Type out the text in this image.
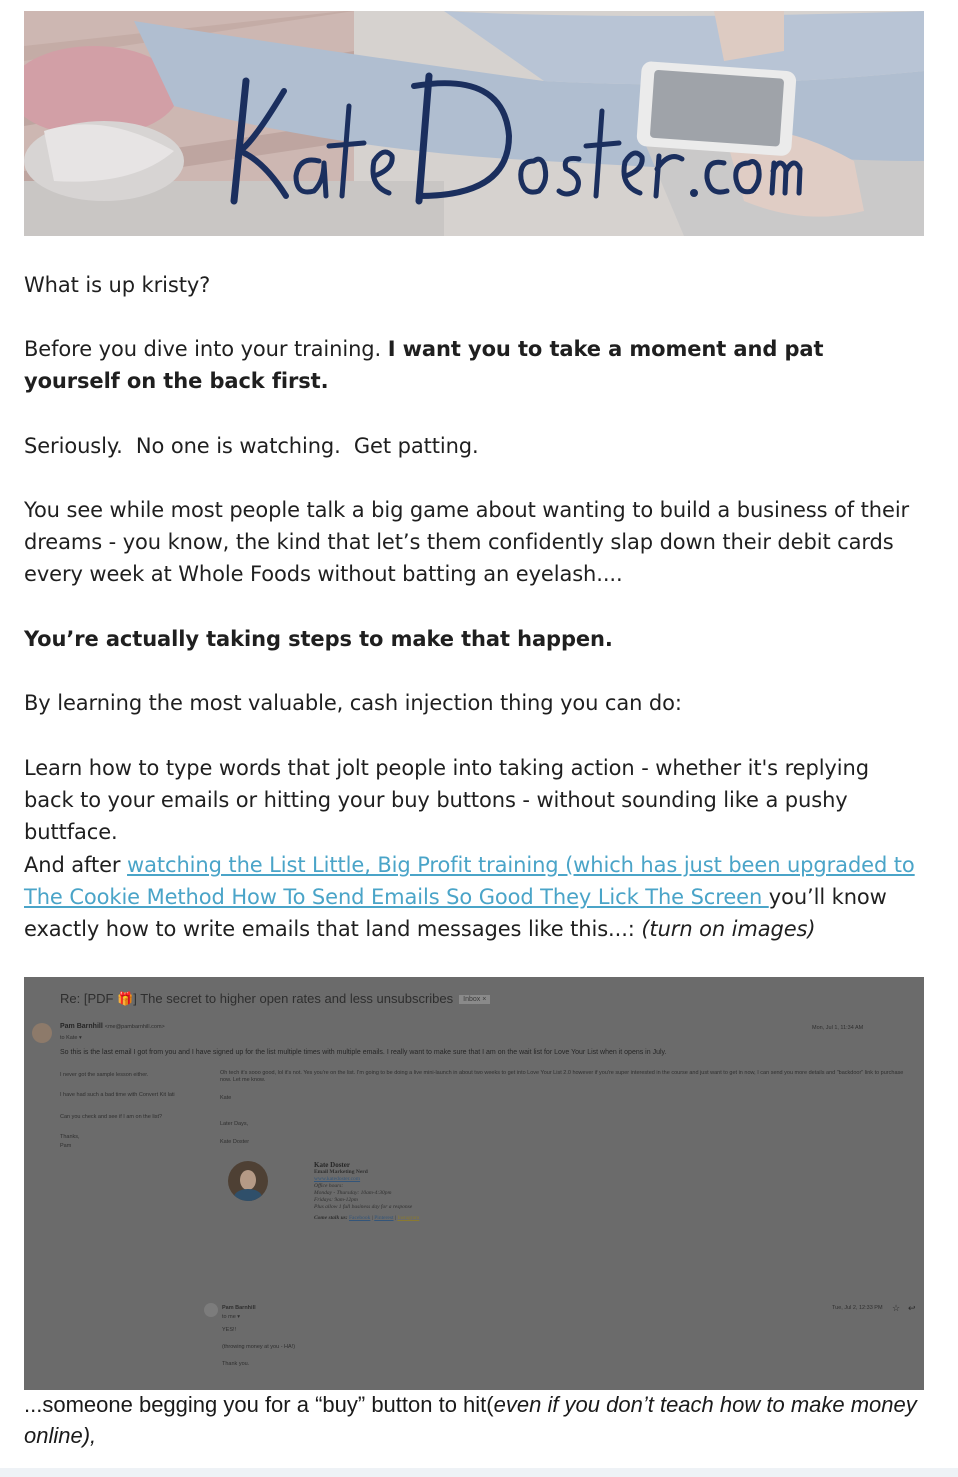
What is up kristy?

Before you dive into your training. I want you to take a moment and pat yourself on the back first.

Seriously.  No one is watching.  Get patting.

You see while most people talk a big game about wanting to build a business of their dreams - you know, the kind that let’s them confidently slap down their debit cards every week at Whole Foods without batting an eyelash....

You’re actually taking steps to make that happen.

By learning the most valuable, cash injection thing you can do:

Learn how to type words that jolt people into taking action - whether it's replying back to your emails or hitting your buy buttons - without sounding like a pushy buttface.

And after watching the List Little, Big Profit training (which has just been upgraded to The Cookie Method How To Send Emails So Good They Lick The Screen you’ll know exactly how to write emails that land messages like this...: (turn on images)

Re: [PDF 🎁] The secret to higher open rates and less unsubscribes Inbox ×
Pam Barnhill <me@pambarnhill.com>
to Kate ▾
Mon, Jul 1, 11:34 AM
So this is the last email I got from you and I have signed up for the list multiple times with multiple emails. I really want to make sure that I am on the wait list for Love Your List when it opens in July.
I never got the sample lesson either.
I have had such a bad time with Convert Kit lati
Can you check and see if I am on the list?
Thanks,
Pam
Oh tech it's sooo good, lol it's not. Yes you're on the list. I'm going to be doing a live mini-launch in about two weeks to get into Love Your List 2.0 however if you're super interested in the course and just want to get in now, I can send you more details and "backdoor" link to purchase now. Let me know.
Kate
Later Days,
Kate Doster
Kate Doster
Email Marketing Nerd
www.katedoster.com
Office hours:
Monday - Thursday: 10am-4:30pm
Fridays: 9am-12pm
Plus allow 1 full business day for a response
Come stalk us: Facebook | Pinterest | Instagram
Pam Barnhill
to me ▾
Tue, Jul 2, 12:33 PM ☆ ↩
YES!!
(throwing money at you - HA!)
Thank you.

...someone begging you for a “buy” button to hit(even if you don’t teach how to make money online),
